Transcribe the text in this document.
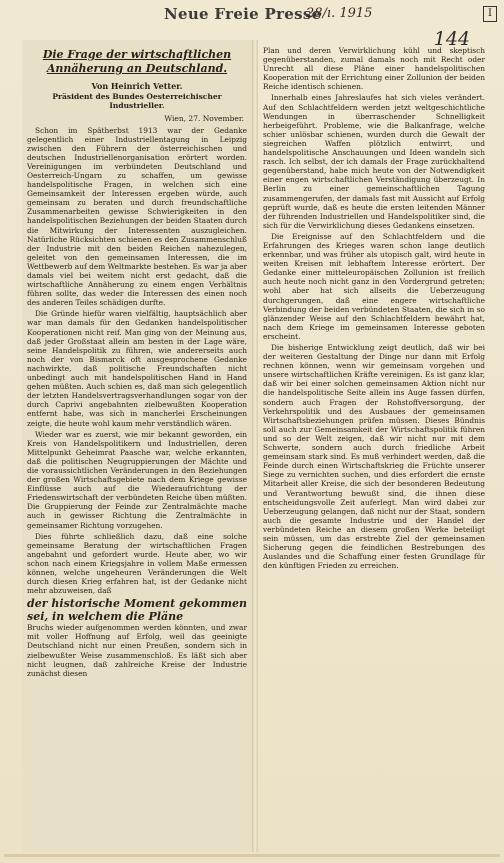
Neue Freie Presse
28/ı. 1915	I
144
Die Frage der wirtschaftlichen Annäherung an Deutschland.
Von Heinrich Vetter.
Präsident des Bundes Oesterreichischer Industrieller.
Wien, 27. November.

Schon im Spätherbst 1913 war der Gedanke gelegentlich einer Industriellentagung in Leipzig zwischen den Führern der österreichischen und deutschen Industriellenorganisation erörtert worden. Vereinigungen im verbündeten Deutschland und Oesterreich-Ungarn zu schaffen, um gewisse handelspolitische Fragen, in welchen sich eine Gemeinsamkeit der Interessen ergeben würde, auch gemeinsam zu beraten und durch freundschaftliche Zusammenarbeiten gewisse Schwierigkeiten in den handelspolitischen Beziehungen der beiden Staaten durch die Mitwirkung der Interessenten auszugleichen. Natürliche Rücksichten schienen es den Zusammenschluß der Industrie mit den beiden Reichen nahezulegen, geleitet von den gemeinsamen Interessen, die im Wettbewerb auf dem Weltmarkte bestehen. Es war ja aber damals viel bei weitem nicht erst gedacht, daß die wirtschaftliche Annäherung zu einem engen Verhältnis führen sollte, das weder die Interessen des einen noch des anderen Teiles schädigen durfte.

Die Gründe hiefür waren vielfältig, hauptsächlich aber war man damals für den Gedanken handelspolitischer Kooperationen nicht reif. Man ging von der Meinung aus, daß jeder Großstaat allein am besten in der Lage wäre, seine Handelspolitik zu führen, wie andererseits auch noch der von Bismarck oft ausgesprochene Gedanke nachwirkte, daß politische Freundschaften nicht unbedingt auch mit handelspolitischen Hand in Hand gehen müßten. Auch schien es, daß man sich gelegentlich der letzten Handelsvertragsverhandlungen sogar von der durch Caprivi angebahnten zielbewußten Kooperation entfernt habe, was sich in mancherlei Erscheinungen zeigte, die heute wohl kaum mehr verständlich wären.

Wieder war es zuerst, wie mir bekannt geworden, ein Kreis von Handelspolitikern und Industriellen, deren Mittelpunkt Geheimrat Paasche war, welche erkannten, daß die politischen Neugruppierungen der Mächte und die voraussichtlichen Veränderungen in den Beziehungen der großen Wirtschaftsgebiete nach dem Kriege gewisse Einflüsse auch auf die Wiederaufrichtung der Friedenswirtschaft der verbündeten Reiche üben müßten. Die Gruppierung der Feinde zur Zentralmächte mache auch in gewisser Richtung die Zentralmächte in gemeinsamer Richtung vorzugehen.

Dies führte schließlich dazu, daß eine solche gemeinsame Beratung der wirtschaftlichen Fragen angebahnt und gefordert wurde. Heute aber, wo wir schon nach einem Kriegsjahre in vollem Maße ermessen können, welche ungeheuren Veränderungen die Welt durch diesen Krieg erfahren hat, ist der Gedanke nicht mehr abzuweisen, daß

der historische Moment gekommen sei, in welchem die Pläne

Bruchs wieder aufgenommen werden könnten, und zwar mit voller Hoffnung auf Erfolg, weil das geeinigte Deutschland nicht nur einen Preußen, sondern sich in zielbewußter Weise zusammenschloß. Es läßt sich aber nicht leugnen, daß zahlreiche Kreise der Industrie zunächst diesen

Plan und deren Verwirklichung kühl und skeptisch gegenüberstanden, zumal damals noch mit Recht oder Unrecht all diese Pläne einer handelspolitischen Kooperation mit der Errichtung einer Zollunion der beiden Reiche identisch schienen.

Innerhalb eines Jahreslaufes hat sich vieles verändert. Auf den Schlachtfeldern werden jetzt weltgeschichtliche Wendungen in überraschender Schnelligkeit herbeigeführt. Probleme, wie die Balkanfrage, welche schier unlösbar schienen, wurden durch die Gewalt der siegreichen Waffen plötzlich entwirrt, und handelspolitische Anschauungen und Ideen wandeln sich rasch. Ich selbst, der ich damals der Frage zurückhaltend gegenüberstand, habe mich heute von der Notwendigkeit einer engen wirtschaftlichen Verständigung überzeugt. In Berlin zu einer gemeinschaftlichen Tagung zusammengerufen, der damals fast mit Aussicht auf Erfolg geprüft wurde, daß es heute die ersten leitenden Männer der führenden Industriellen und Handelspolitiker sind, die sich für die Verwirklichung dieses Gedankens einsetzen.

Die Ereignisse auf den Schlachtfeldern und die Erfahrungen des Krieges waren schon lange deutlich erkennbar, und was früher als utopisch galt, wird heute in weiten Kreisen mit lebhaftem Interesse erörtert. Der Gedanke einer mitteleuropäischen Zollunion ist freilich auch heute noch nicht ganz in den Vordergrund getreten; wohl aber hat sich allseits die Ueberzeugung durchgerungen, daß eine engere wirtschaftliche Verbindung der beiden verbündeten Staaten, die sich in so glänzender Weise auf den Schlachtfeldern bewährt hat, nach dem Kriege im gemeinsamen Interesse geboten erscheint.

Die bisherige Entwicklung zeigt deutlich, daß wir bei der weiteren Gestaltung der Dinge nur dann mit Erfolg rechnen können, wenn wir gemeinsam vorgehen und unsere wirtschaftlichen Kräfte vereinigen. Es ist ganz klar, daß wir bei einer solchen gemeinsamen Aktion nicht nur die handelspolitische Seite allein ins Auge fassen dürfen, sondern auch Fragen der Rohstoffversorgung, der Verkehrspolitik und des Ausbaues der gemeinsamen Wirtschaftsbeziehungen prüfen müssen. Dieses Bündnis soll auch zur Gemeinsamkeit der Wirtschaftspolitik führen und so der Welt zeigen, daß wir nicht nur mit dem Schwerte, sondern auch durch friedliche Arbeit gemeinsam stark sind. Es muß verhindert werden, daß die Feinde durch einen Wirtschaftskrieg die Früchte unserer Siege zu vernichten suchen, und dies erfordert die ernste Mitarbeit aller Kreise, die sich der besonderen Bedeutung und Verantwortung bewußt sind, die ihnen diese entscheidungsvolle Zeit auferlegt. Man wird dabei zur Ueberzeugung gelangen, daß nicht nur der Staat, sondern auch die gesamte Industrie und der Handel der verbündeten Reiche an diesem großen Werke beteiligt sein müssen, um das erstrebte Ziel der gemeinsamen Sicherung gegen die feindlichen Bestrebungen des Auslandes und die Schaffung einer festen Grundlage für den künftigen Frieden zu erreichen.
